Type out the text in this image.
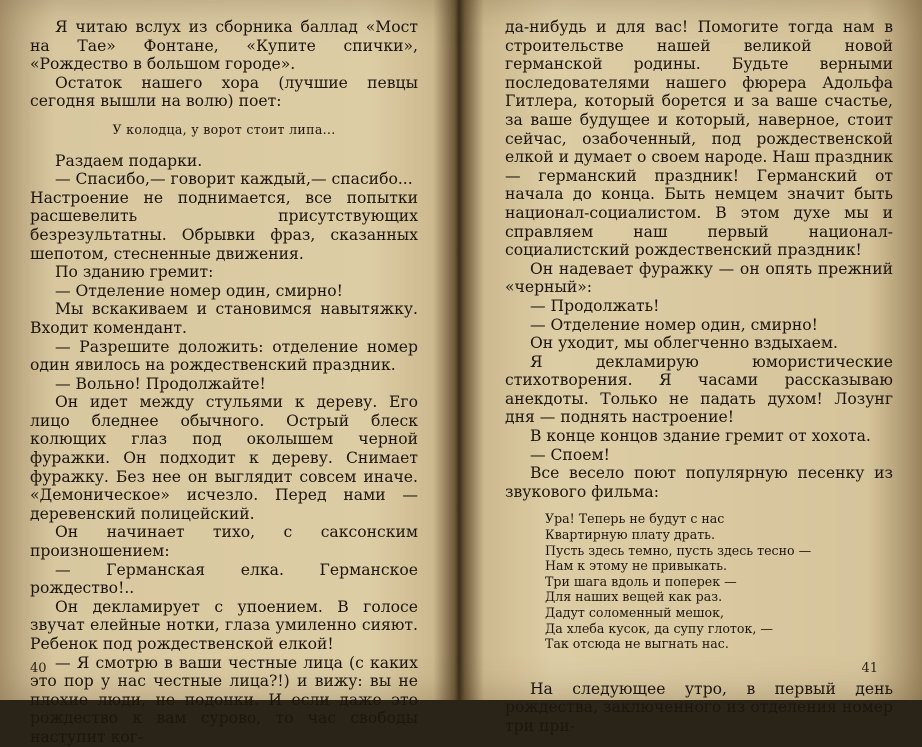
Я читаю вслух из сборника баллад «Мост на Тае» Фонтане, «Купите спички», «Рождество в большом городе».

Остаток нашего хора (лучшие певцы сегодня вышли на волю) поет:

У колодца, у ворот стоит липа...

Раздаем подарки.

— Спасибо,— говорит каждый,— спасибо...

Настроение не поднимается, все попытки расшевелить присутствующих безрезультатны. Обрывки фраз, сказанных шепотом, стесненные движения.

По зданию гремит:

— Отделение номер один, смирно!

Мы вскакиваем и становимся навытяжку. Входит комендант.

— Разрешите доложить: отделение номер один явилось на рождественский праздник.

— Вольно! Продолжайте!

Он идет между стульями к дереву. Его лицо бледнее обычного. Острый блеск колющих глаз под околышем черной фуражки. Он подходит к дереву. Снимает фуражку. Без нее он выглядит совсем иначе. «Демоническое» исчезло. Перед нами — деревенский полицейский.

Он начинает тихо, с саксонским произношением:

— Германская елка. Германское рождество!..

Он декламирует с упоением. В голосе звучат елейные нотки, глаза умиленно сияют. Ребенок под рождественской елкой!

— Я смотрю в ваши честные лица (с каких это пор у нас честные лица?!) и вижу: вы не плохие люди, не подонки. И если даже это рождество к вам сурово, то час свободы наступит ког-

40

да-нибудь и для вас! Помогите тогда нам в строительстве нашей великой новой германской родины. Будьте верными последователями нашего фюрера Адольфа Гитлера, который борется и за ваше счастье, за ваше будущее и который, наверное, стоит сейчас, озабоченный, под рождественской елкой и думает о своем народе. Наш праздник — германский праздник! Германский от начала до конца. Быть немцем значит быть национал-социалистом. В этом духе мы и справляем наш первый национал-социалистский рождественский праздник!

Он надевает фуражку — он опять прежний «черный»:

— Продолжать!

— Отделение номер один, смирно!

Он уходит, мы облегченно вздыхаем.

Я декламирую юмористические стихотворения. Я часами рассказываю анекдоты. Только не падать духом! Лозунг дня — поднять настроение!

В конце концов здание гремит от хохота.

— Споем!

Все весело поют популярную песенку из звукового фильма:

Ура! Теперь не будут с нас
Квартирную плату драть.
Пусть здесь темно, пусть здесь тесно —
Нам к этому не привыкать.
Три шага вдоль и поперек —
Для наших вещей как раз.
Дадут соломенный мешок,
Да хлеба кусок, да супу глоток, —
Так отсюда не выгнать нас.

На следующее утро, в первый день рождества, заключенного из отделения номер три при-

41
